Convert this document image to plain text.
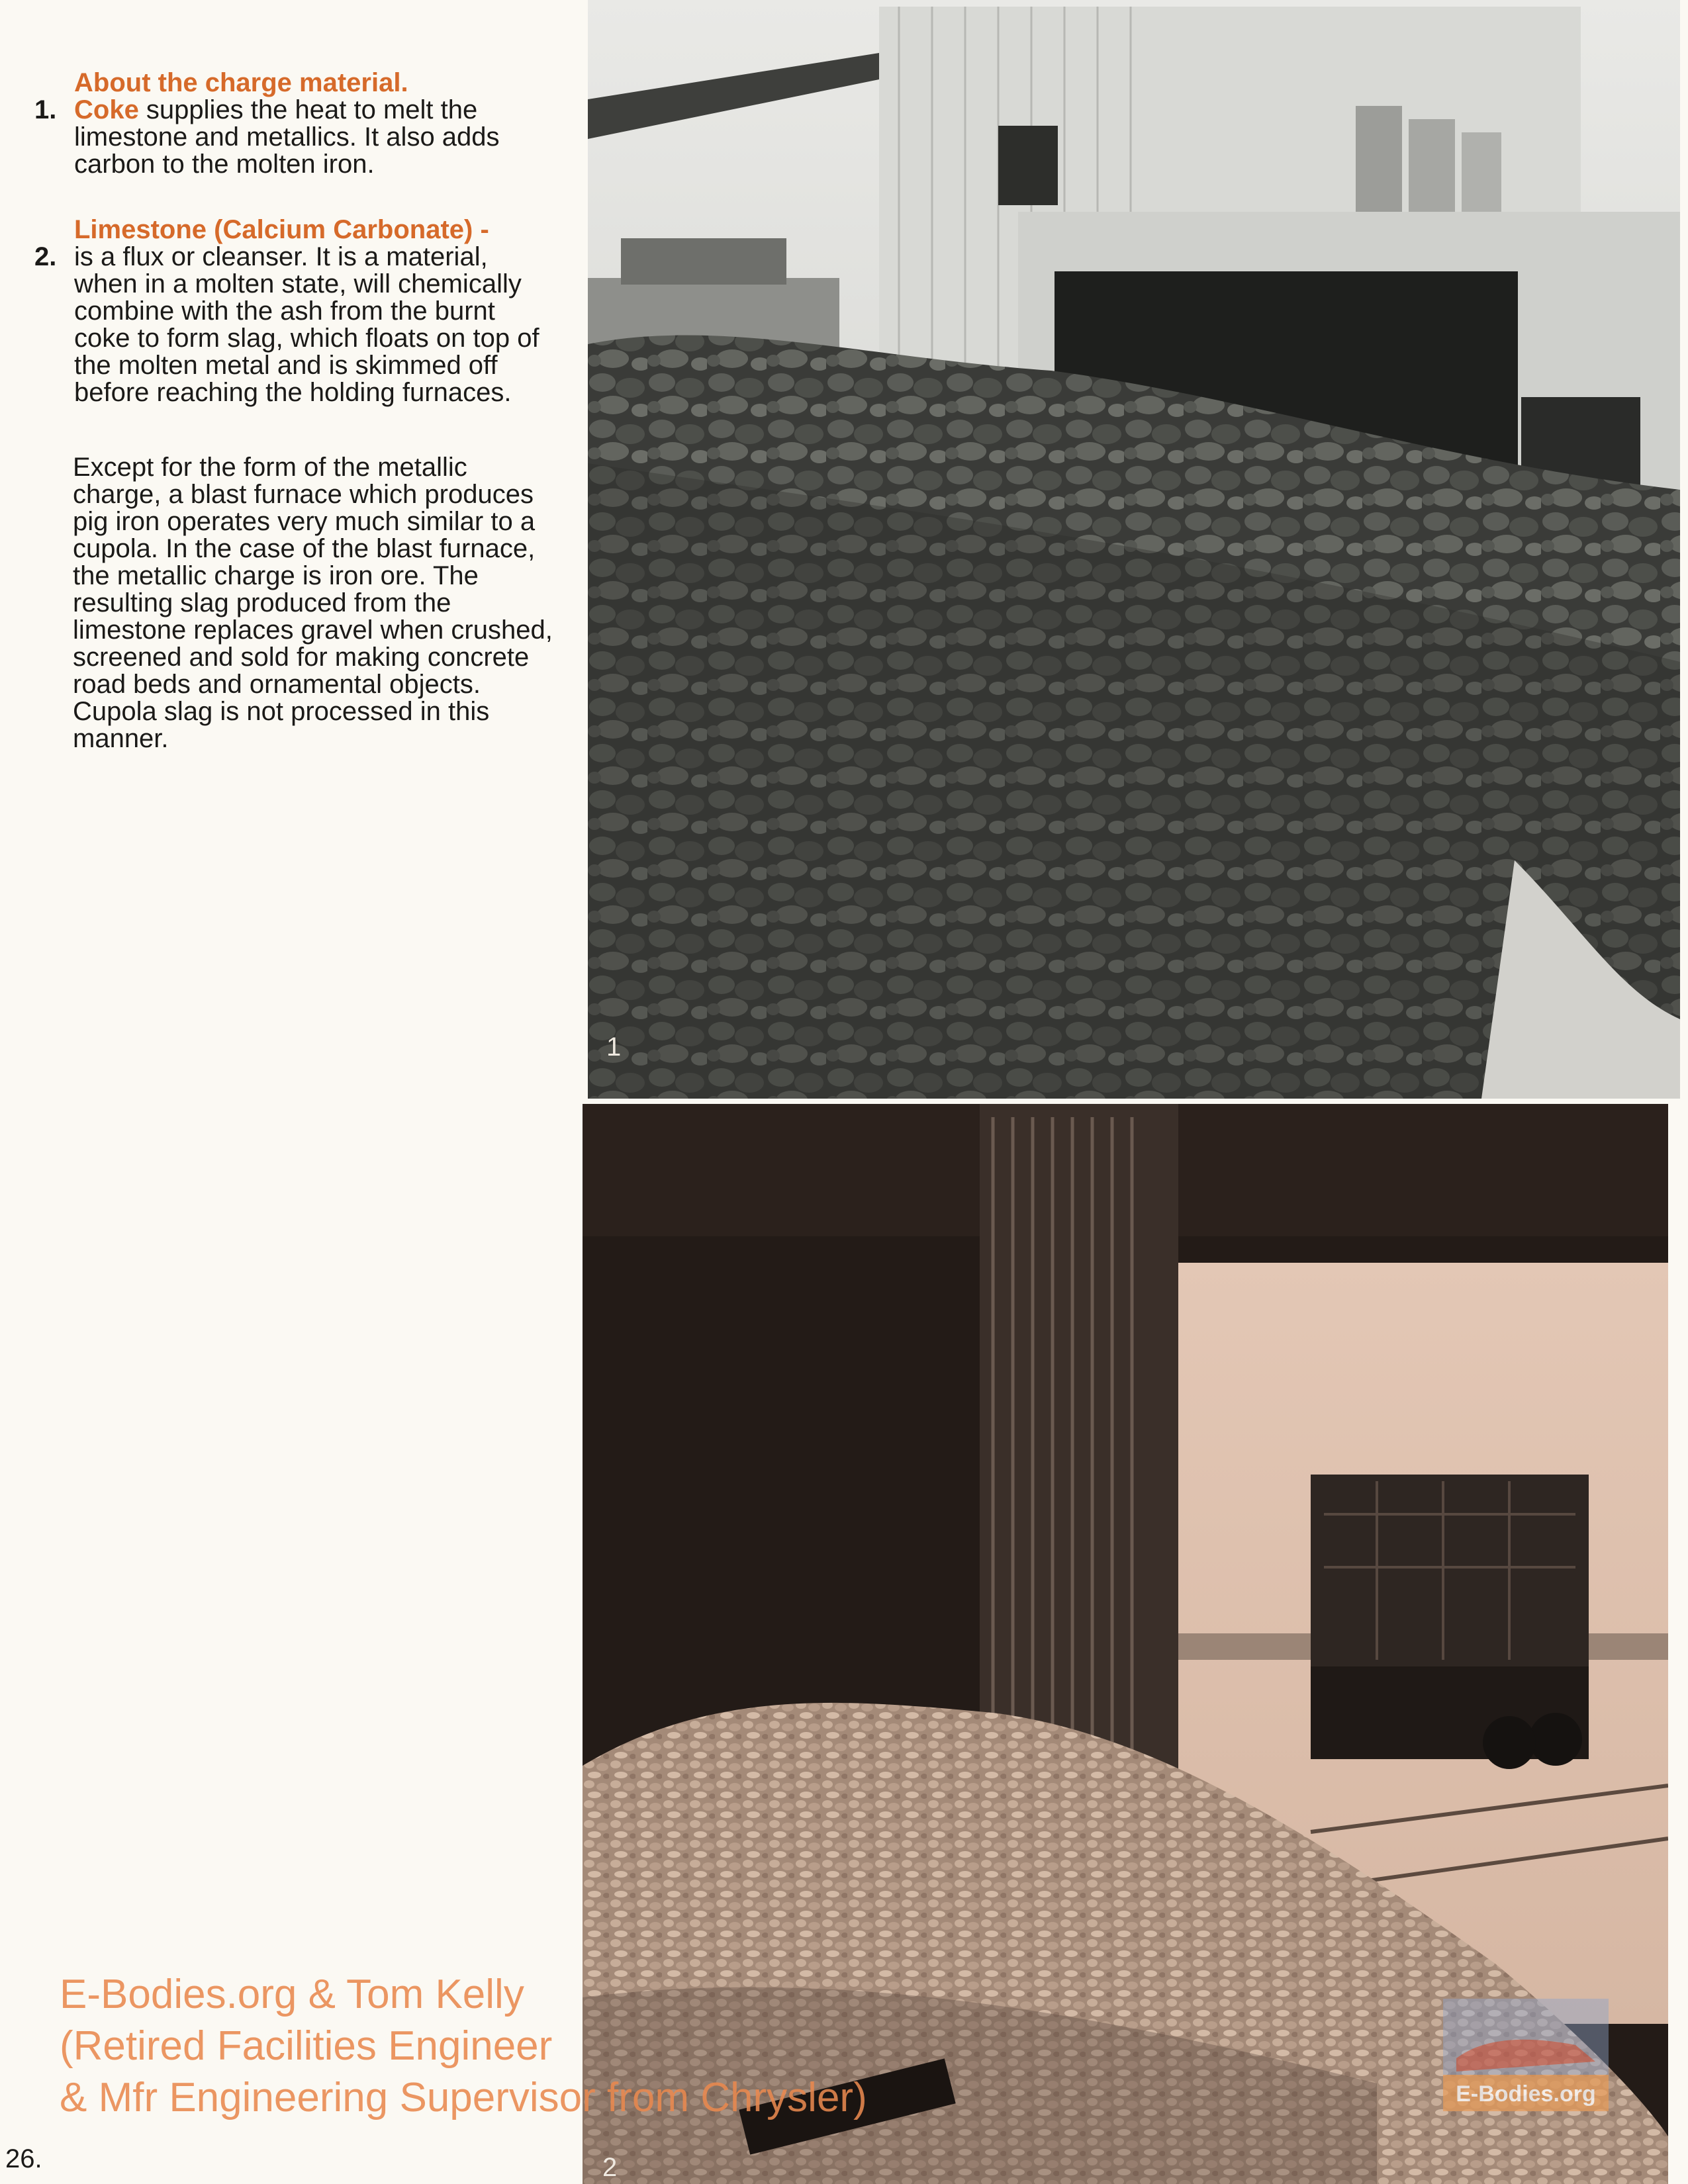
About the charge material.
1. Coke supplies the heat to melt the limestone and metallics. It also adds carbon to the molten iron.
Limestone (Calcium Carbonate) -
2. is a flux or cleanser. It is a material, when in a molten state, will chemically combine with the ash from the burnt coke to form slag, which floats on top of the molten metal and is skimmed off before reaching the holding furnaces.
Except for the form of the metallic charge, a blast furnace which produces pig iron operates very much similar to a cupola. In the case of the blast furnace, the metallic charge is iron ore. The resulting slag produced from the limestone replaces gravel when crushed, screened and sold for making concrete road beds and ornamental objects. Cupola slag is not processed in this manner.
1
2
E-Bodies.org & Tom Kelly
(Retired Facilities Engineer
& Mfr Engineering Supervisor from Chrysler)	E-Bodies.org
26.
